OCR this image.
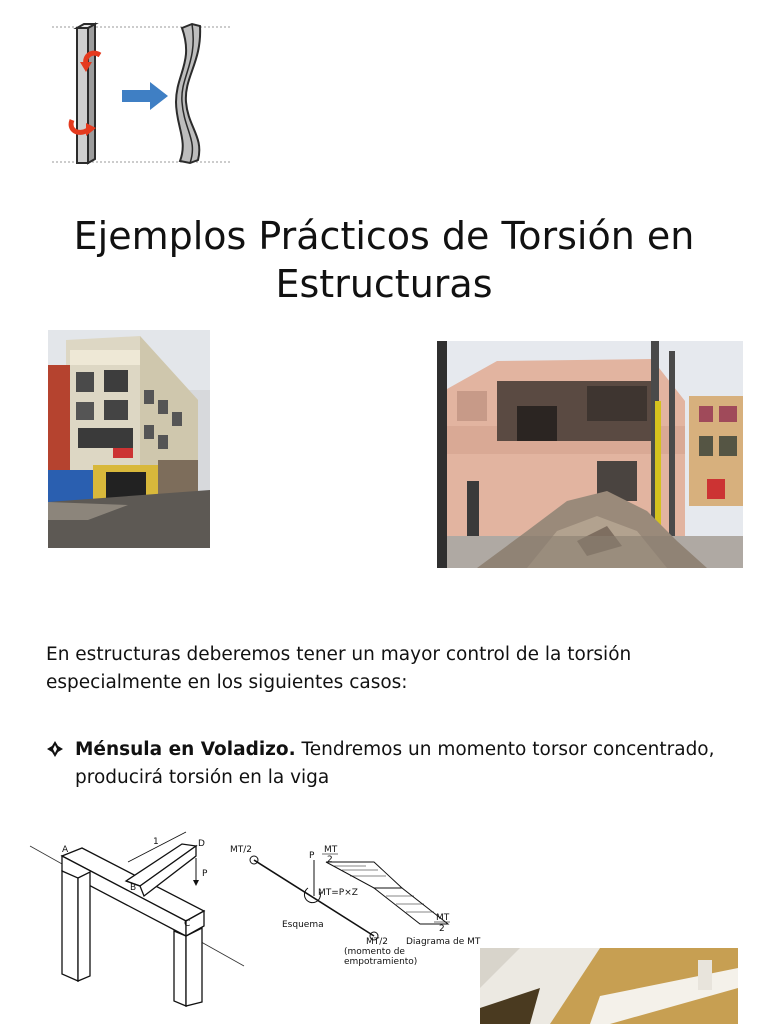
Ejemplos Prácticos de Torsión en
Estructuras
En estructuras deberemos tener un mayor control de la torsión especialmente en los siguientes casos:
Ménsula en Voladizo. Tendremos un momento torsor concentrado, producirá torsión en la viga
A
B
C
D
P
1
MT/2
P
MT=P×Z
Esquema
MT/2
(momento de
empotramiento)
MT
2
MT
2
Diagrama de MT
